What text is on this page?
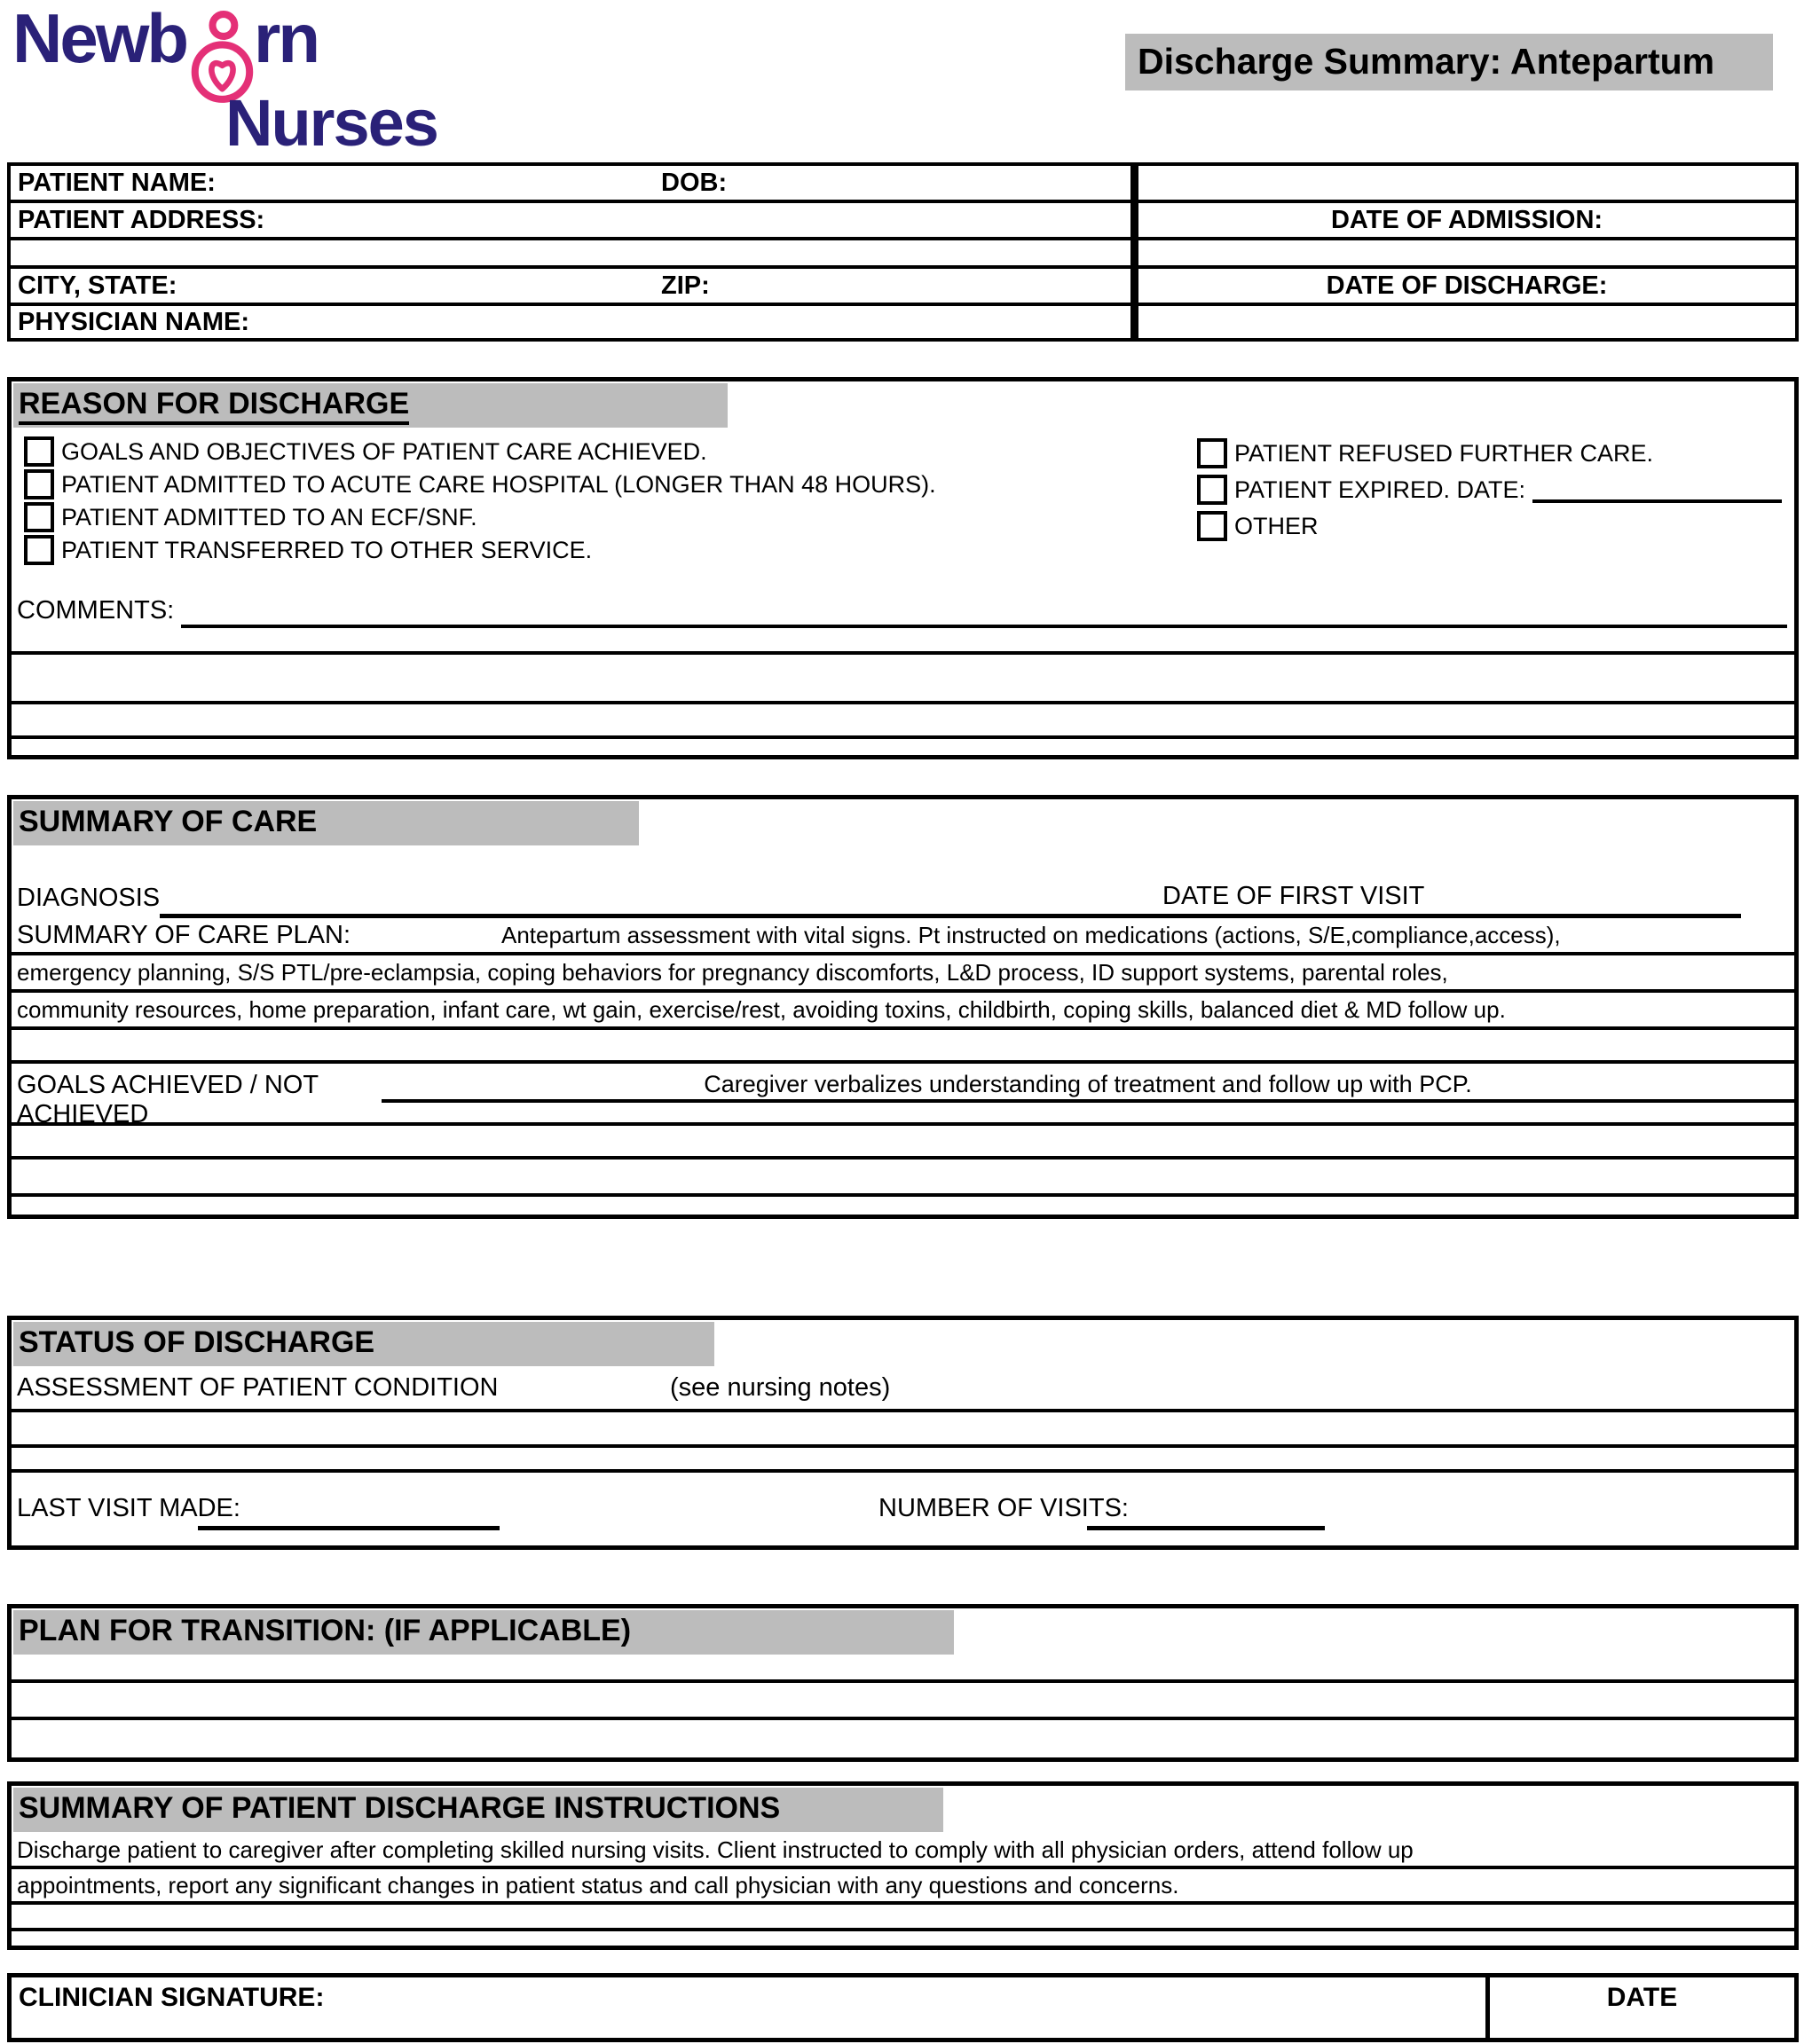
Newb rn
Nurses
Discharge Summary: Antepartum
PATIENT NAME:	DOB:
PATIENT ADDRESS:
CITY, STATE:	ZIP:
PHYSICIAN NAME:
DATE OF ADMISSION:
DATE OF DISCHARGE:
REASON FOR DISCHARGE
GOALS AND OBJECTIVES OF PATIENT CARE ACHIEVED.
PATIENT ADMITTED TO ACUTE CARE HOSPITAL (LONGER THAN 48 HOURS).
PATIENT ADMITTED TO AN ECF/SNF.
PATIENT TRANSFERRED TO OTHER SERVICE.
PATIENT REFUSED FURTHER CARE.
PATIENT EXPIRED. DATE:
OTHER
COMMENTS:
SUMMARY OF CARE
DIAGNOSIS	DATE OF FIRST VISIT
SUMMARY OF CARE PLAN:	Antepartum assessment with vital signs. Pt instructed on medications (actions, S/E,compliance,access),
emergency planning, S/S PTL/pre-eclampsia, coping behaviors for pregnancy discomforts, L&D process, ID support systems, parental roles,
community resources, home preparation, infant care, wt gain, exercise/rest, avoiding toxins, childbirth, coping skills, balanced diet & MD follow up.
GOALS ACHIEVED / NOT ACHIEVED
Caregiver verbalizes understanding of treatment and follow up with PCP.
STATUS OF DISCHARGE
ASSESSMENT OF PATIENT CONDITION	(see nursing notes)
LAST VISIT MADE:	NUMBER OF VISITS:
PLAN FOR TRANSITION: (IF APPLICABLE)
SUMMARY OF PATIENT DISCHARGE INSTRUCTIONS
Discharge patient to caregiver after completing skilled nursing visits. Client instructed to comply with all physician orders, attend follow up
appointments, report any significant changes in patient status and call physician with any questions and concerns.
CLINICIAN SIGNATURE:	DATE
